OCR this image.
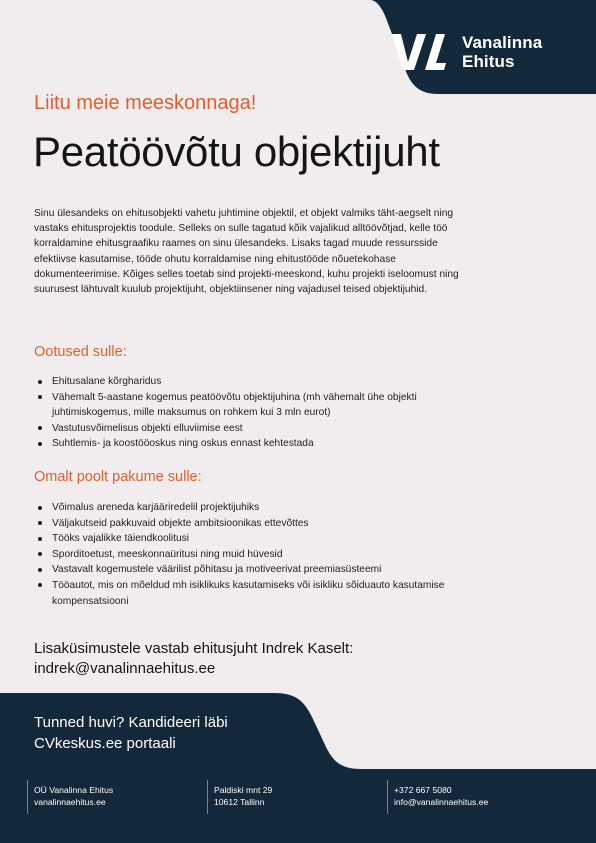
Vanalinna
Ehitus
Liitu meie meeskonnaga!
Peatöövõtu objektijuht

Sinu ülesandeks on ehitusobjekti vahetu juhtimine objektil, et objekt valmiks täht-aegselt ning vastaks ehitusprojektis toodule. Selleks on sulle tagatud kõik vajalikud alltöövõtjad, kelle töö korraldamine ehitusgraafiku raames on sinu ülesandeks. Lisaks tagad muude ressursside efektiivse kasutamise, tööde ohutu korraldamise ning ehitustööde nõuetekohase dokumenteerimise. Kõiges selles toetab sind projekti-meeskond, kuhu projekti iseloomust ning suurusest lähtuvalt kuulub projektijuht, objektiinsener ning vajadusel teised objektijuhid.

Ootused sulle:
Ehitusalane kõrgharidus
Vähemalt 5-aastane kogemus peatöövõtu objektijuhina (mh vähemalt ühe objekti juhtimiskogemus, mille maksumus on rohkem kui 3 mln eurot)
Vastutusvõimelisus objekti elluviimise eest
Suhtlemis- ja koostööoskus ning oskus ennast kehtestada
Omalt poolt pakume sulle:
Võimalus areneda karjääriredelil projektijuhiks
Väljakutseid pakkuvaid objekte ambitsioonikas ettevõttes
Tööks vajalikke täiendkoolitusi
Sporditoetust, meeskonnaüritusi ning muid hüvesid
Vastavalt kogemustele väärilist põhitasu ja motiveerivat preemiasüsteemi
Tööautot, mis on mõeldud mh isiklikuks kasutamiseks või isikliku sõiduauto kasutamise kompensatsiooni
Lisaküsimustele vastab ehitusjuht Indrek Kaselt:
indrek@vanalinnaehitus.ee
Tunned huvi? Kandideeri läbi
CVkeskus.ee portaali
OÜ Vanalinna Ehitus
vanalinnaehitus.ee
Paldiski mnt 29
10612 Tallinn
+372 667 5080
info@vanalinnaehitus.ee
